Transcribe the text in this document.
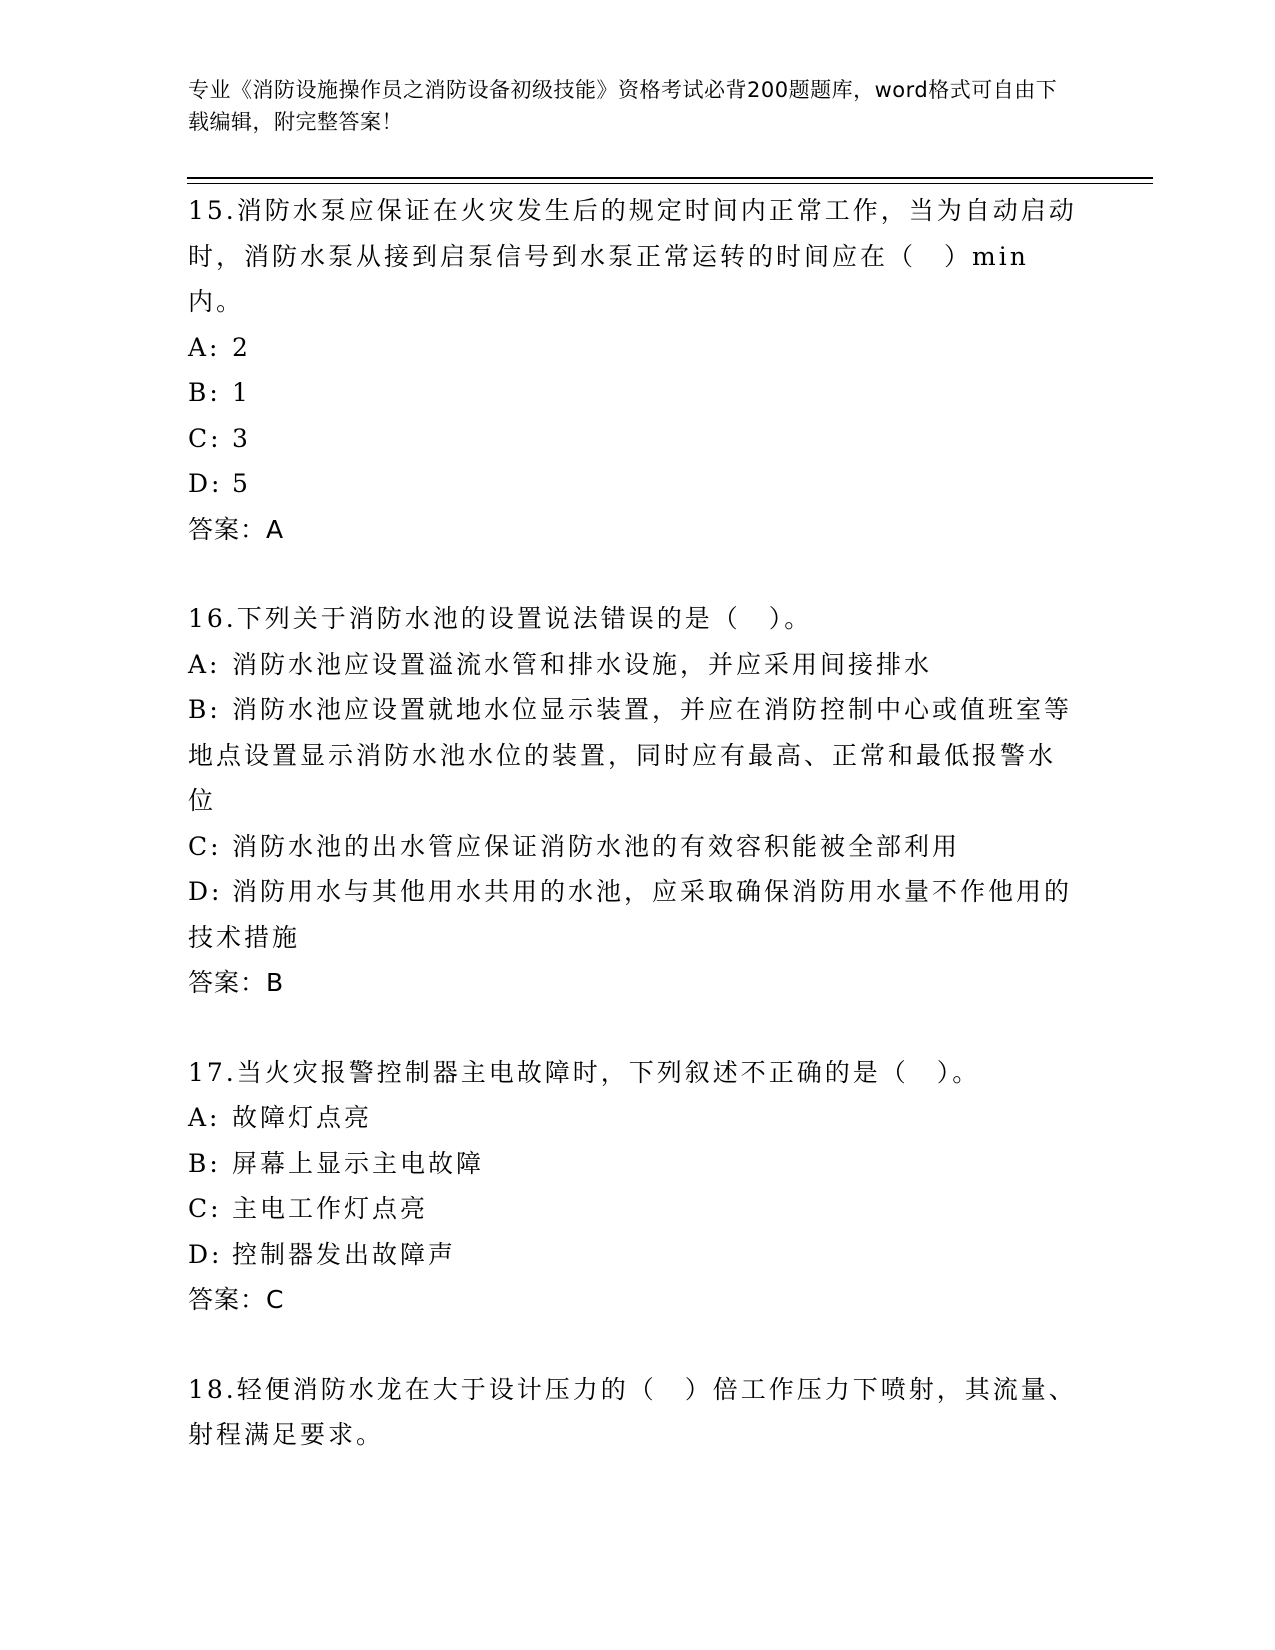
专业《消防设施操作员之消防设备初级技能》资格考试必背200题题库，word格式可自由下载编辑，附完整答案！

15.消防水泵应保证在火灾发生后的规定时间内正常工作，当为自动启动时，消防水泵从接到启泵信号到水泵正常运转的时间应在（　）min内。

A: 2

B: 1

C: 3

D: 5

答案：A

16.下列关于消防水池的设置说法错误的是（　）。

A: 消防水池应设置溢流水管和排水设施，并应采用间接排水

B: 消防水池应设置就地水位显示装置，并应在消防控制中心或值班室等地点设置显示消防水池水位的装置，同时应有最高、正常和最低报警水位

C: 消防水池的出水管应保证消防水池的有效容积能被全部利用

D: 消防用水与其他用水共用的水池，应采取确保消防用水量不作他用的技术措施

答案：B

17.当火灾报警控制器主电故障时，下列叙述不正确的是（　）。

A: 故障灯点亮

B: 屏幕上显示主电故障

C: 主电工作灯点亮

D: 控制器发出故障声

答案：C

18.轻便消防水龙在大于设计压力的（　）倍工作压力下喷射，其流量、射程满足要求。
